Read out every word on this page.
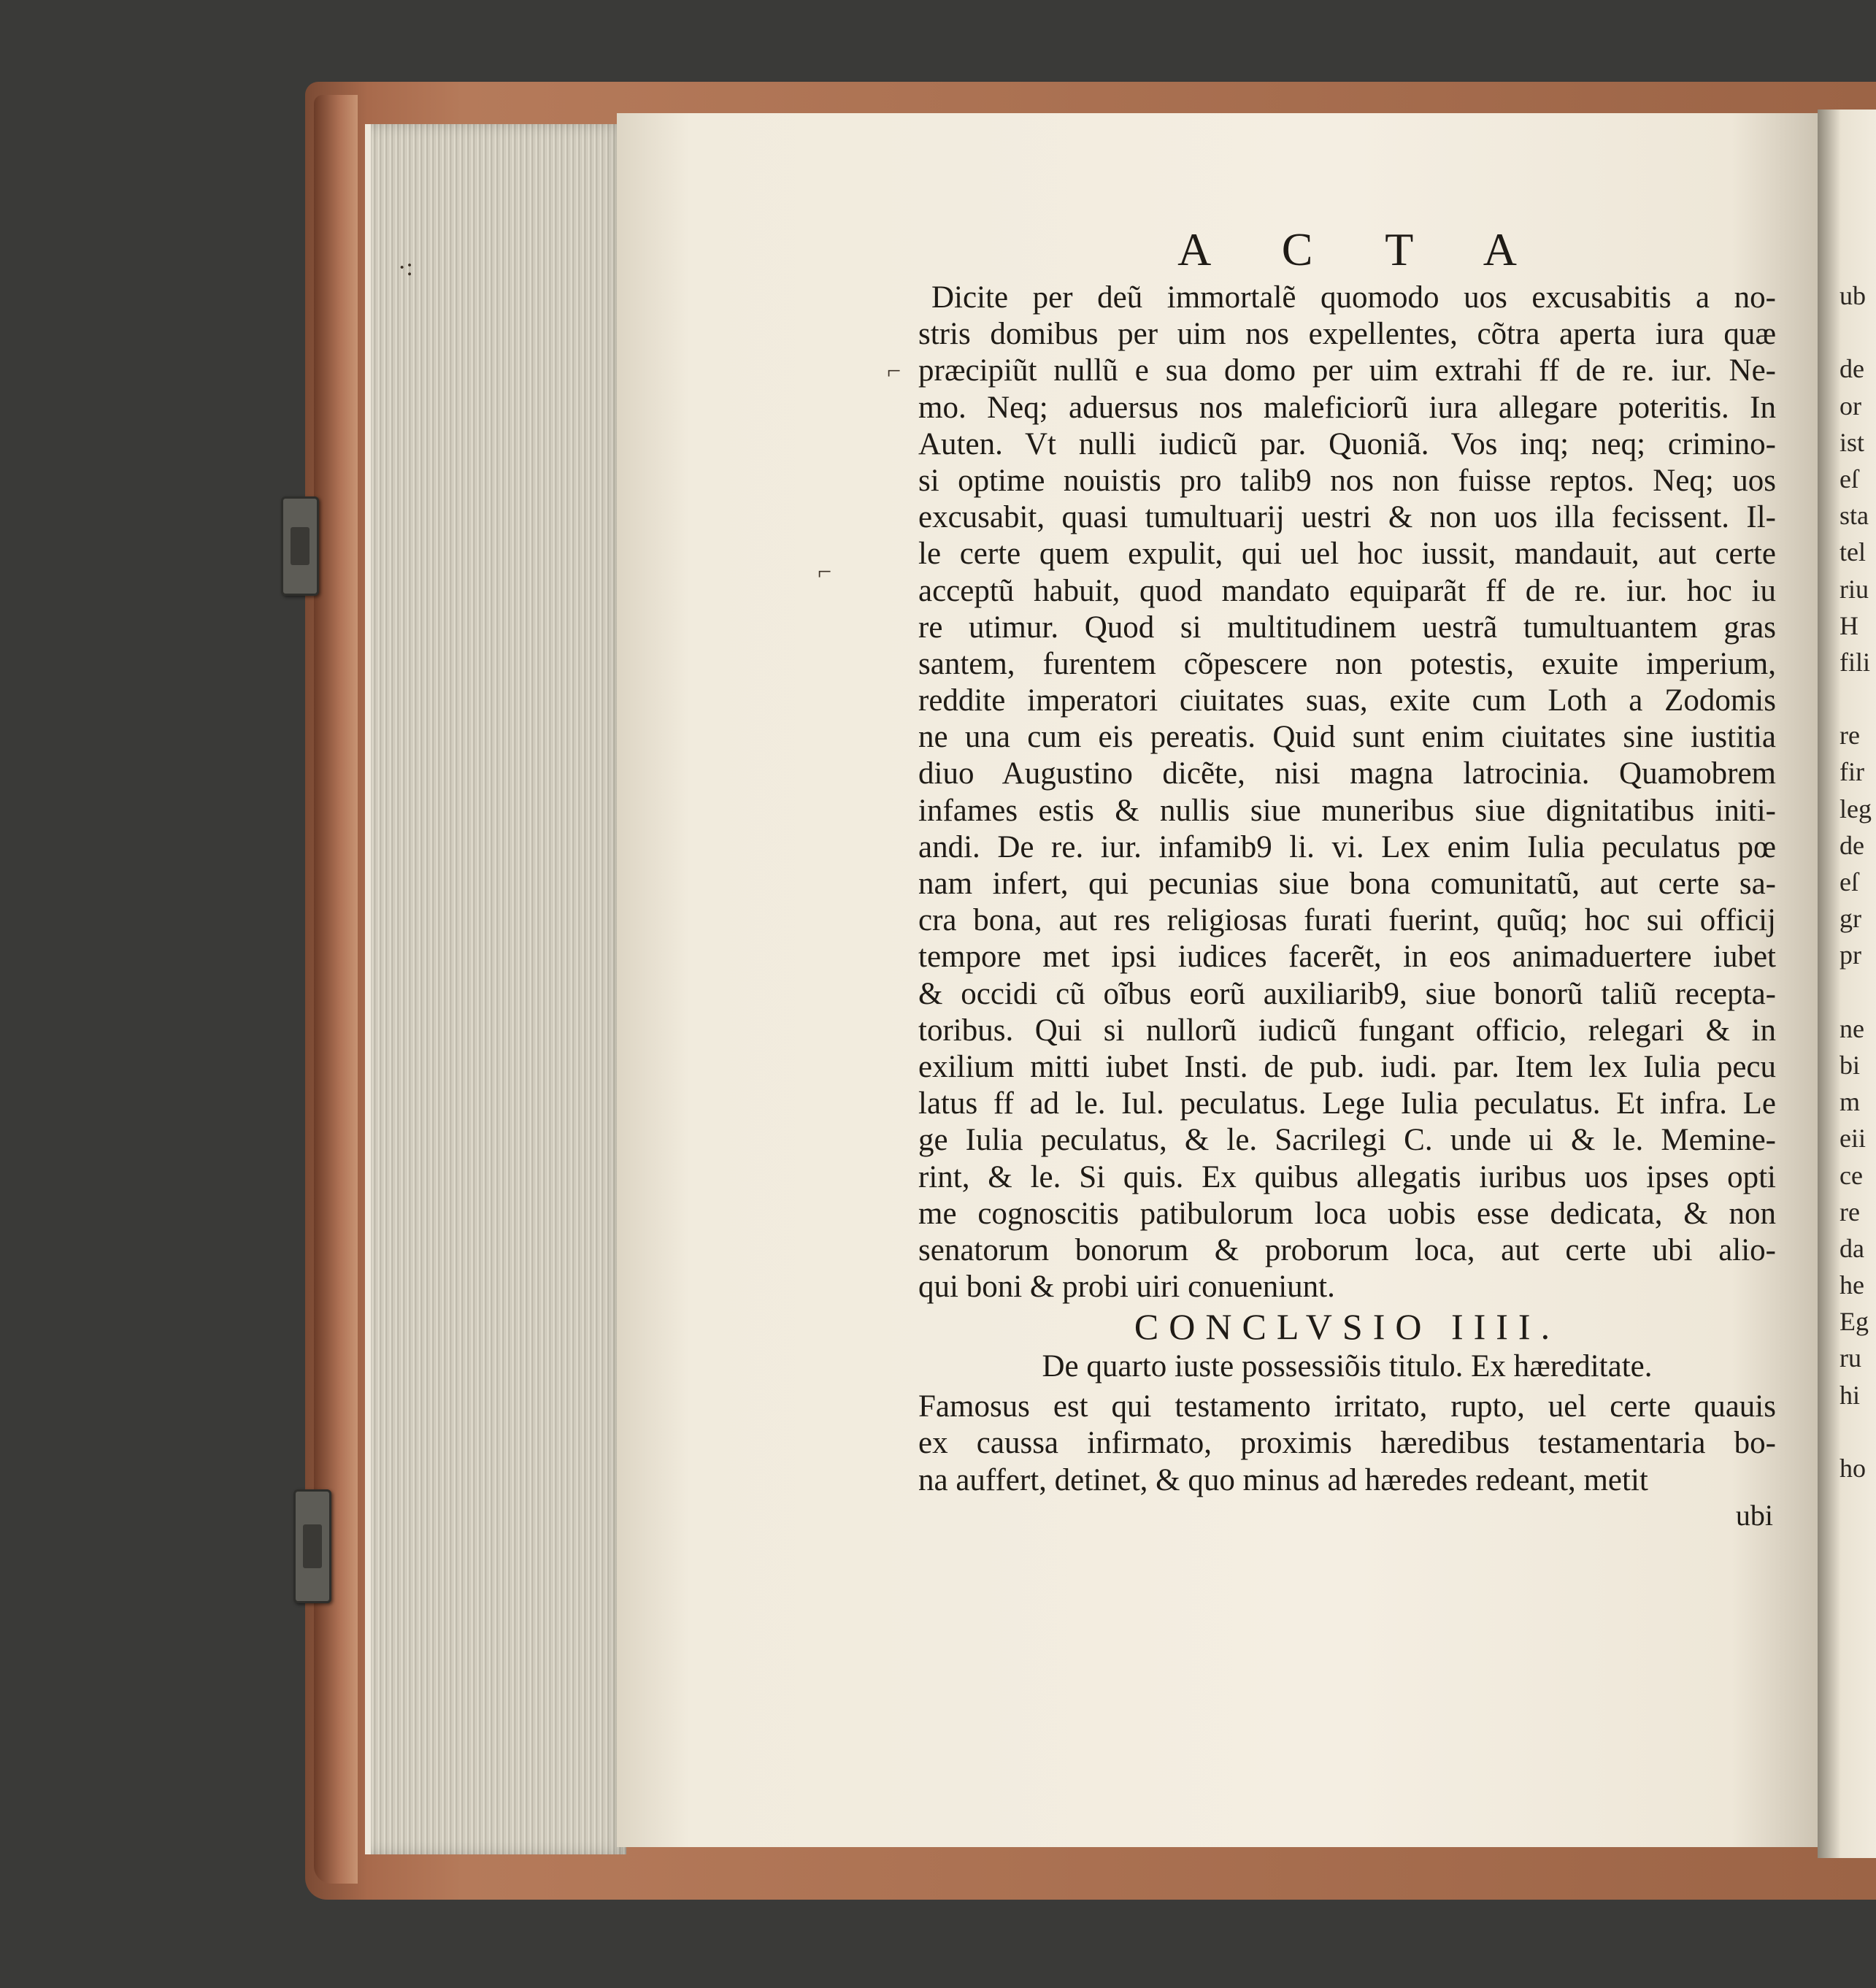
·:
⌐
⌐
A C T A
Dicite per deũ immortalẽ quomodo uos excusabitis a no-
stris domibus per uim nos expellentes, cõtra aperta iura quæ
præcipiũt nullũ e sua domo per uim extrahi ff de re. iur. Ne-
mo. Neq; aduersus nos maleficiorũ iura allegare poteritis. In
Auten. Vt nulli iudicũ par. Quoniã. Vos inq; neq; crimino-
si optime nouistis pro talib9 nos non fuisse reptos. Neq; uos
excusabit, quasi tumultuarij uestri & non uos illa fecissent. Il-
le certe quem expulit, qui uel hoc iussit, mandauit, aut certe
acceptũ habuit, quod mandato equiparãt ff de re. iur. hoc iu
re utimur. Quod si multitudinem uestrã tumultuantem gras
santem, furentem cõpescere non potestis, exuite imperium,
reddite imperatori ciuitates suas, exite cum Loth a Zodomis
ne una cum eis pereatis. Quid sunt enim ciuitates sine iustitia
diuo Augustino dicẽte, nisi magna latrocinia. Quamobrem
infames estis & nullis siue muneribus siue dignitatibus initi-
andi. De re. iur. infamib9 li. vi. Lex enim Iulia peculatus pœ
nam infert, qui pecunias siue bona comunitatũ, aut certe sa-
cra bona, aut res religiosas furati fuerint, quũq; hoc sui officij
tempore met ipsi iudices facerẽt, in eos animaduertere iubet
& occidi cũ oĩbus eorũ auxiliarib9, siue bonorũ taliũ recepta-
toribus. Qui si nullorũ iudicũ fungant officio, relegari & in
exilium mitti iubet Insti. de pub. iudi. par. Item lex Iulia pecu
latus ff ad le. Iul. peculatus. Lege Iulia peculatus. Et infra. Le
ge Iulia peculatus, & le. Sacrilegi C. unde ui & le. Memine-
rint, & le. Si quis. Ex quibus allegatis iuribus uos ipses opti
me cognoscitis patibulorum loca uobis esse dedicata, & non
senatorum bonorum & proborum loca, aut certe ubi alio-
qui boni & probi uiri conueniunt.
CONCLVSIO IIII.
De quarto iuste possessiõis titulo. Ex hæreditate.
Famosus est qui testamento irritato, rupto, uel certe quauis
ex caussa infirmato, proximis hæredibus testamentaria bo-
na auffert, detinet, & quo minus ad hæredes redeant, metit
ubi
ub
de
or
ist
eſ
sta
tel
riu
H
fili
re
fir
leg
de
eſ
gr
pr
ne
bi
m
eii
ce
re
da
he
Eg
ru
hi
ho
